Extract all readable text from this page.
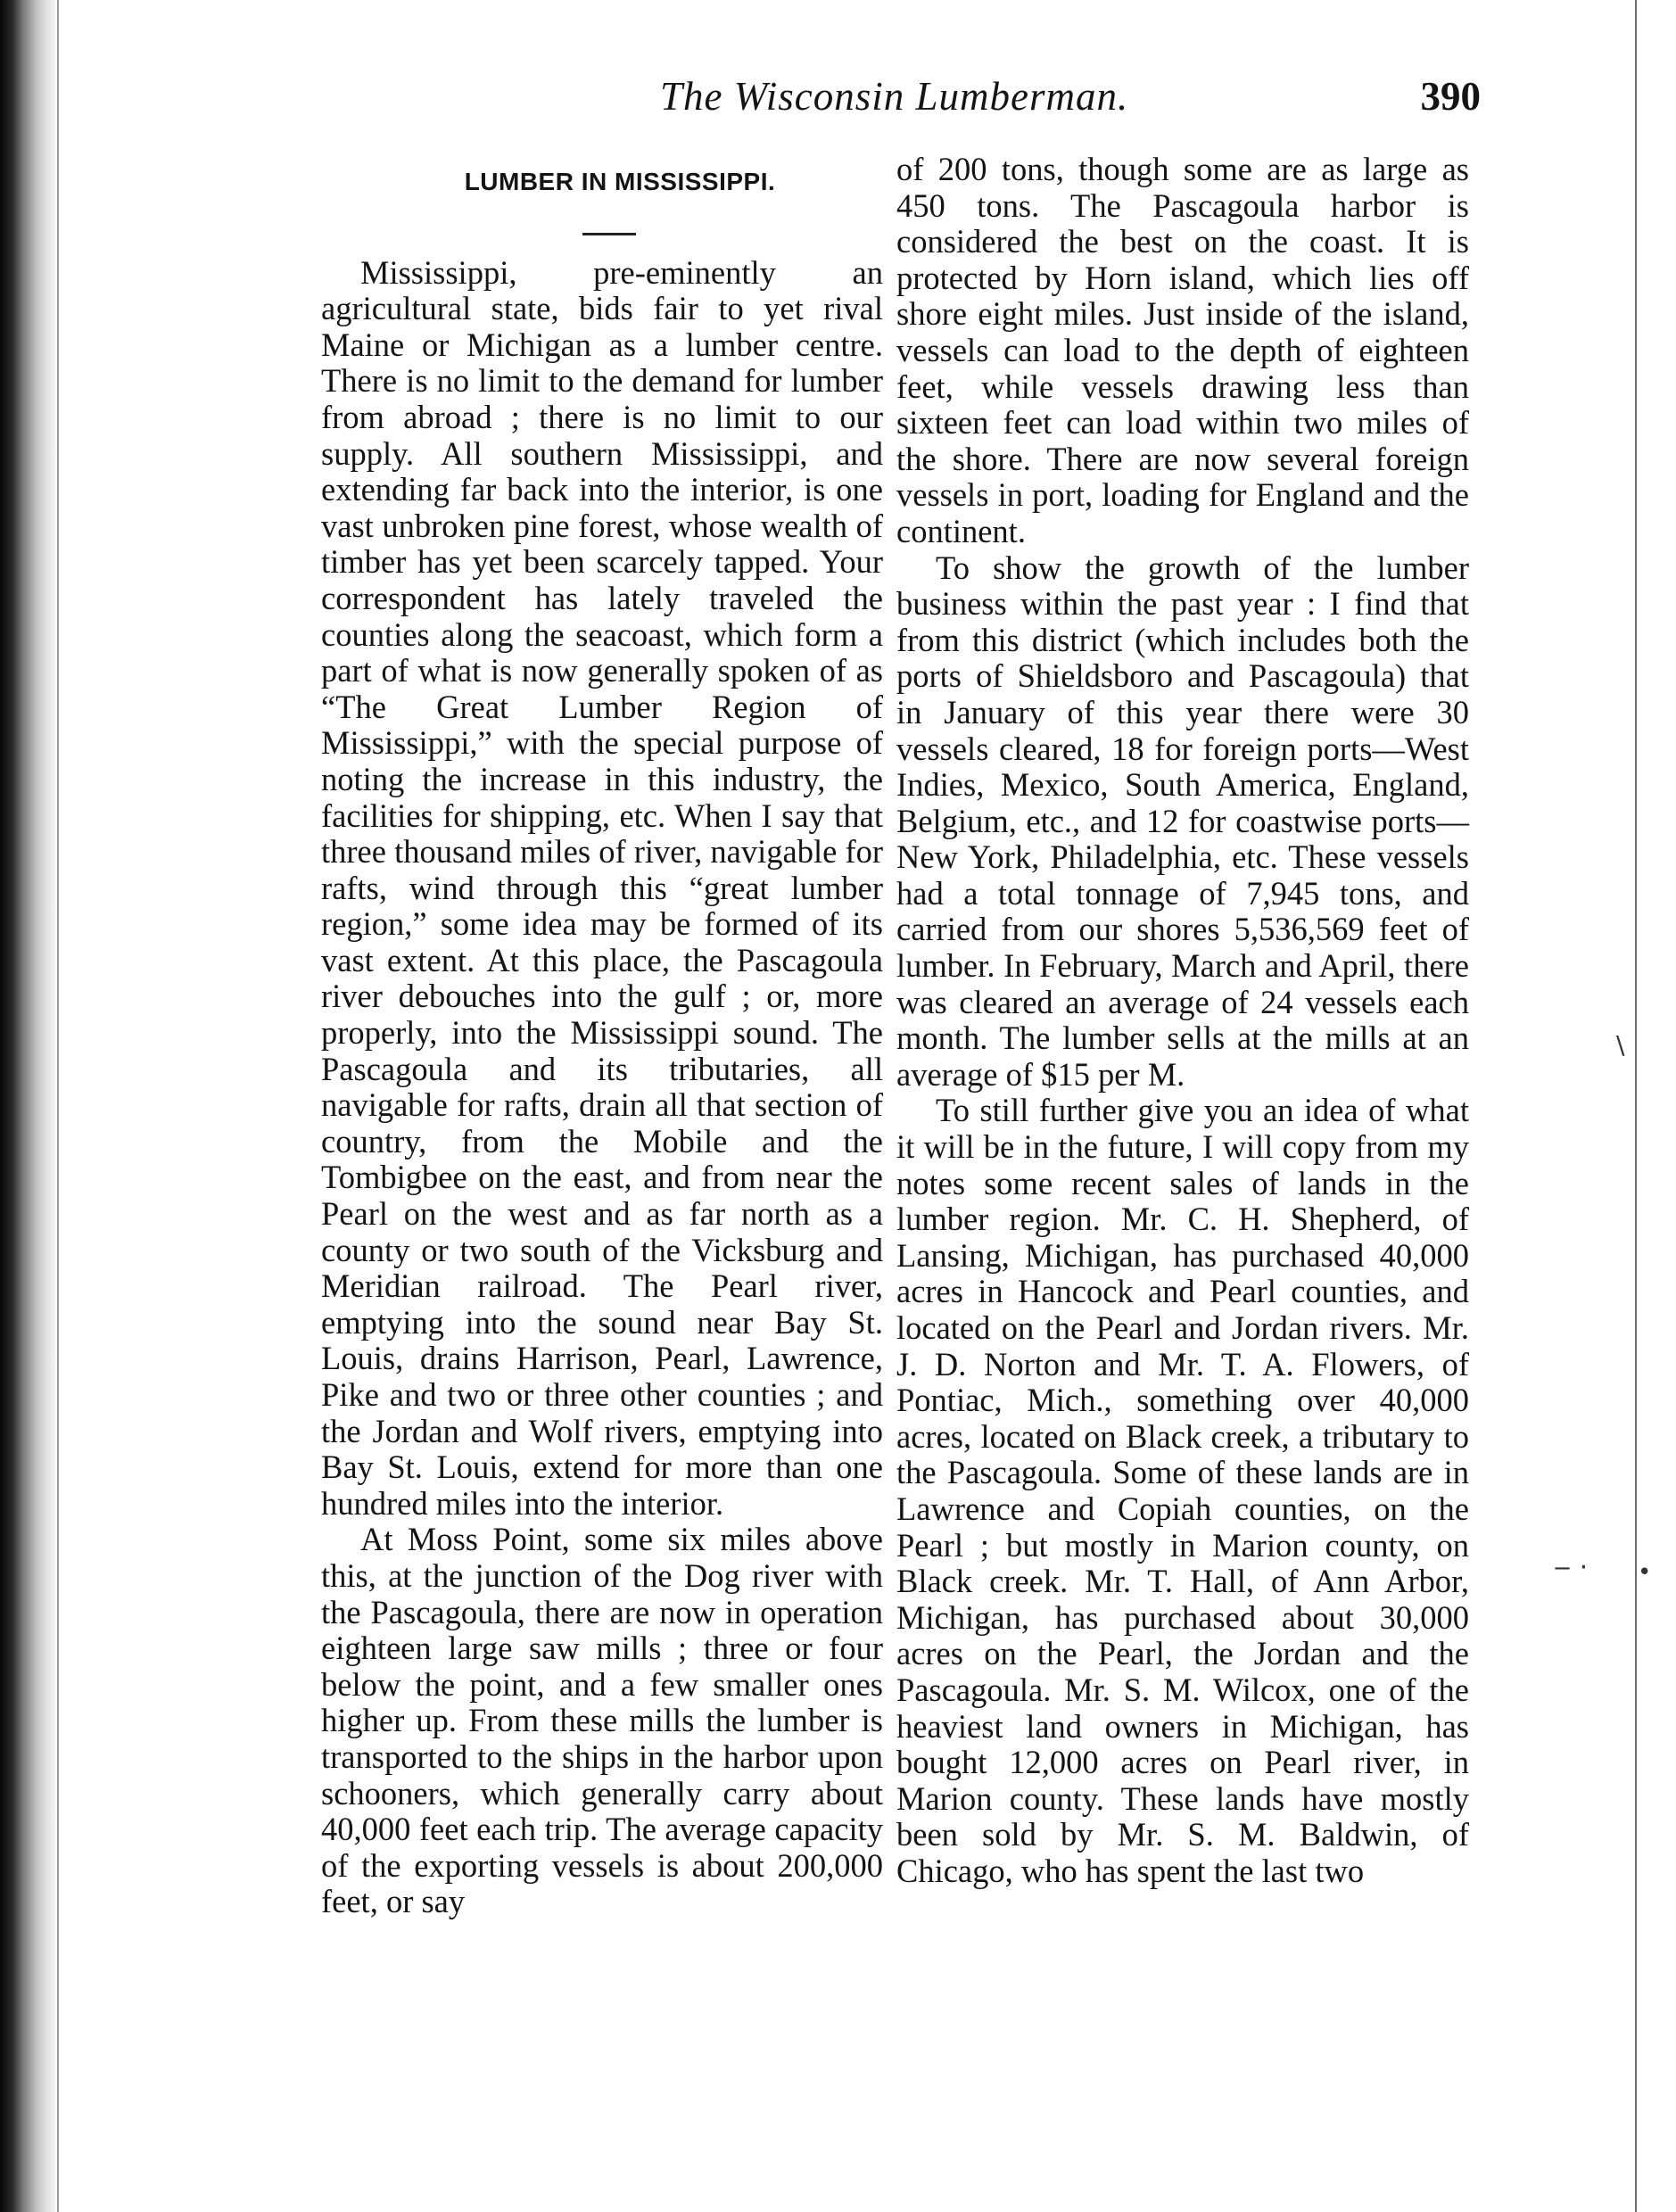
\
‒ · •
The Wisconsin Lumberman.	390
LUMBER IN MISSISSIPPI.

Mississippi, pre-eminently an agricultural state, bids fair to yet rival Maine or Michigan as a lumber centre. There is no limit to the demand for lumber from abroad ; there is no limit to our supply. All southern Mississippi, and extending far back into the interior, is one vast unbroken pine forest, whose wealth of timber has yet been scarcely tapped. Your correspondent has lately traveled the counties along the seacoast, which form a part of what is now generally spoken of as “The Great Lumber Region of Mississippi,” with the special purpose of noting the increase in this industry, the facilities for shipping, etc. When I say that three thousand miles of river, navigable for rafts, wind through this “great lumber region,” some idea may be formed of its vast extent. At this place, the Pascagoula river debouches into the gulf ; or, more properly, into the Mississippi sound. The Pascagoula and its tributaries, all navigable for rafts, drain all that section of country, from the Mobile and the Tombigbee on the east, and from near the Pearl on the west and as far north as a county or two south of the Vicksburg and Meridian railroad. The Pearl river, emptying into the sound near Bay St. Louis, drains Harrison, Pearl, Lawrence, Pike and two or three other counties ; and the Jordan and Wolf rivers, emptying into Bay St. Louis, extend for more than one hundred miles into the interior.

At Moss Point, some six miles above this, at the junction of the Dog river with the Pascagoula, there are now in operation eighteen large saw mills ; three or four below the point, and a few smaller ones higher up. From these mills the lumber is transported to the ships in the harbor upon schooners, which generally carry about 40,000 feet each trip. The average capacity of the exporting vessels is about 200,000 feet, or say

of 200 tons, though some are as large as 450 tons. The Pascagoula harbor is considered the best on the coast. It is protected by Horn island, which lies off shore eight miles. Just inside of the island, vessels can load to the depth of eighteen feet, while vessels drawing less than sixteen feet can load within two miles of the shore. There are now several foreign vessels in port, loading for England and the continent.

To show the growth of the lumber business within the past year : I find that from this district (which includes both the ports of Shieldsboro and Pascagoula) that in January of this year there were 30 vessels cleared, 18 for foreign ports—West Indies, Mexico, South America, England, Belgium, etc., and 12 for coastwise ports—New York, Philadelphia, etc. These vessels had a total tonnage of 7,945 tons, and carried from our shores 5,536,569 feet of lumber. In February, March and April, there was cleared an average of 24 vessels each month. The lumber sells at the mills at an average of $15 per M.

To still further give you an idea of what it will be in the future, I will copy from my notes some recent sales of lands in the lumber region. Mr. C. H. Shepherd, of Lansing, Michigan, has purchased 40,000 acres in Hancock and Pearl counties, and located on the Pearl and Jordan rivers. Mr. J. D. Norton and Mr. T. A. Flowers, of Pontiac, Mich., something over 40,000 acres, located on Black creek, a tributary to the Pascagoula. Some of these lands are in Lawrence and Copiah counties, on the Pearl ; but mostly in Marion county, on Black creek. Mr. T. Hall, of Ann Arbor, Michigan, has purchased about 30,000 acres on the Pearl, the Jordan and the Pascagoula. Mr. S. M. Wilcox, one of the heaviest land owners in Michigan, has bought 12,000 acres on Pearl river, in Marion county. These lands have mostly been sold by Mr. S. M. Baldwin, of Chicago, who has spent the last two
